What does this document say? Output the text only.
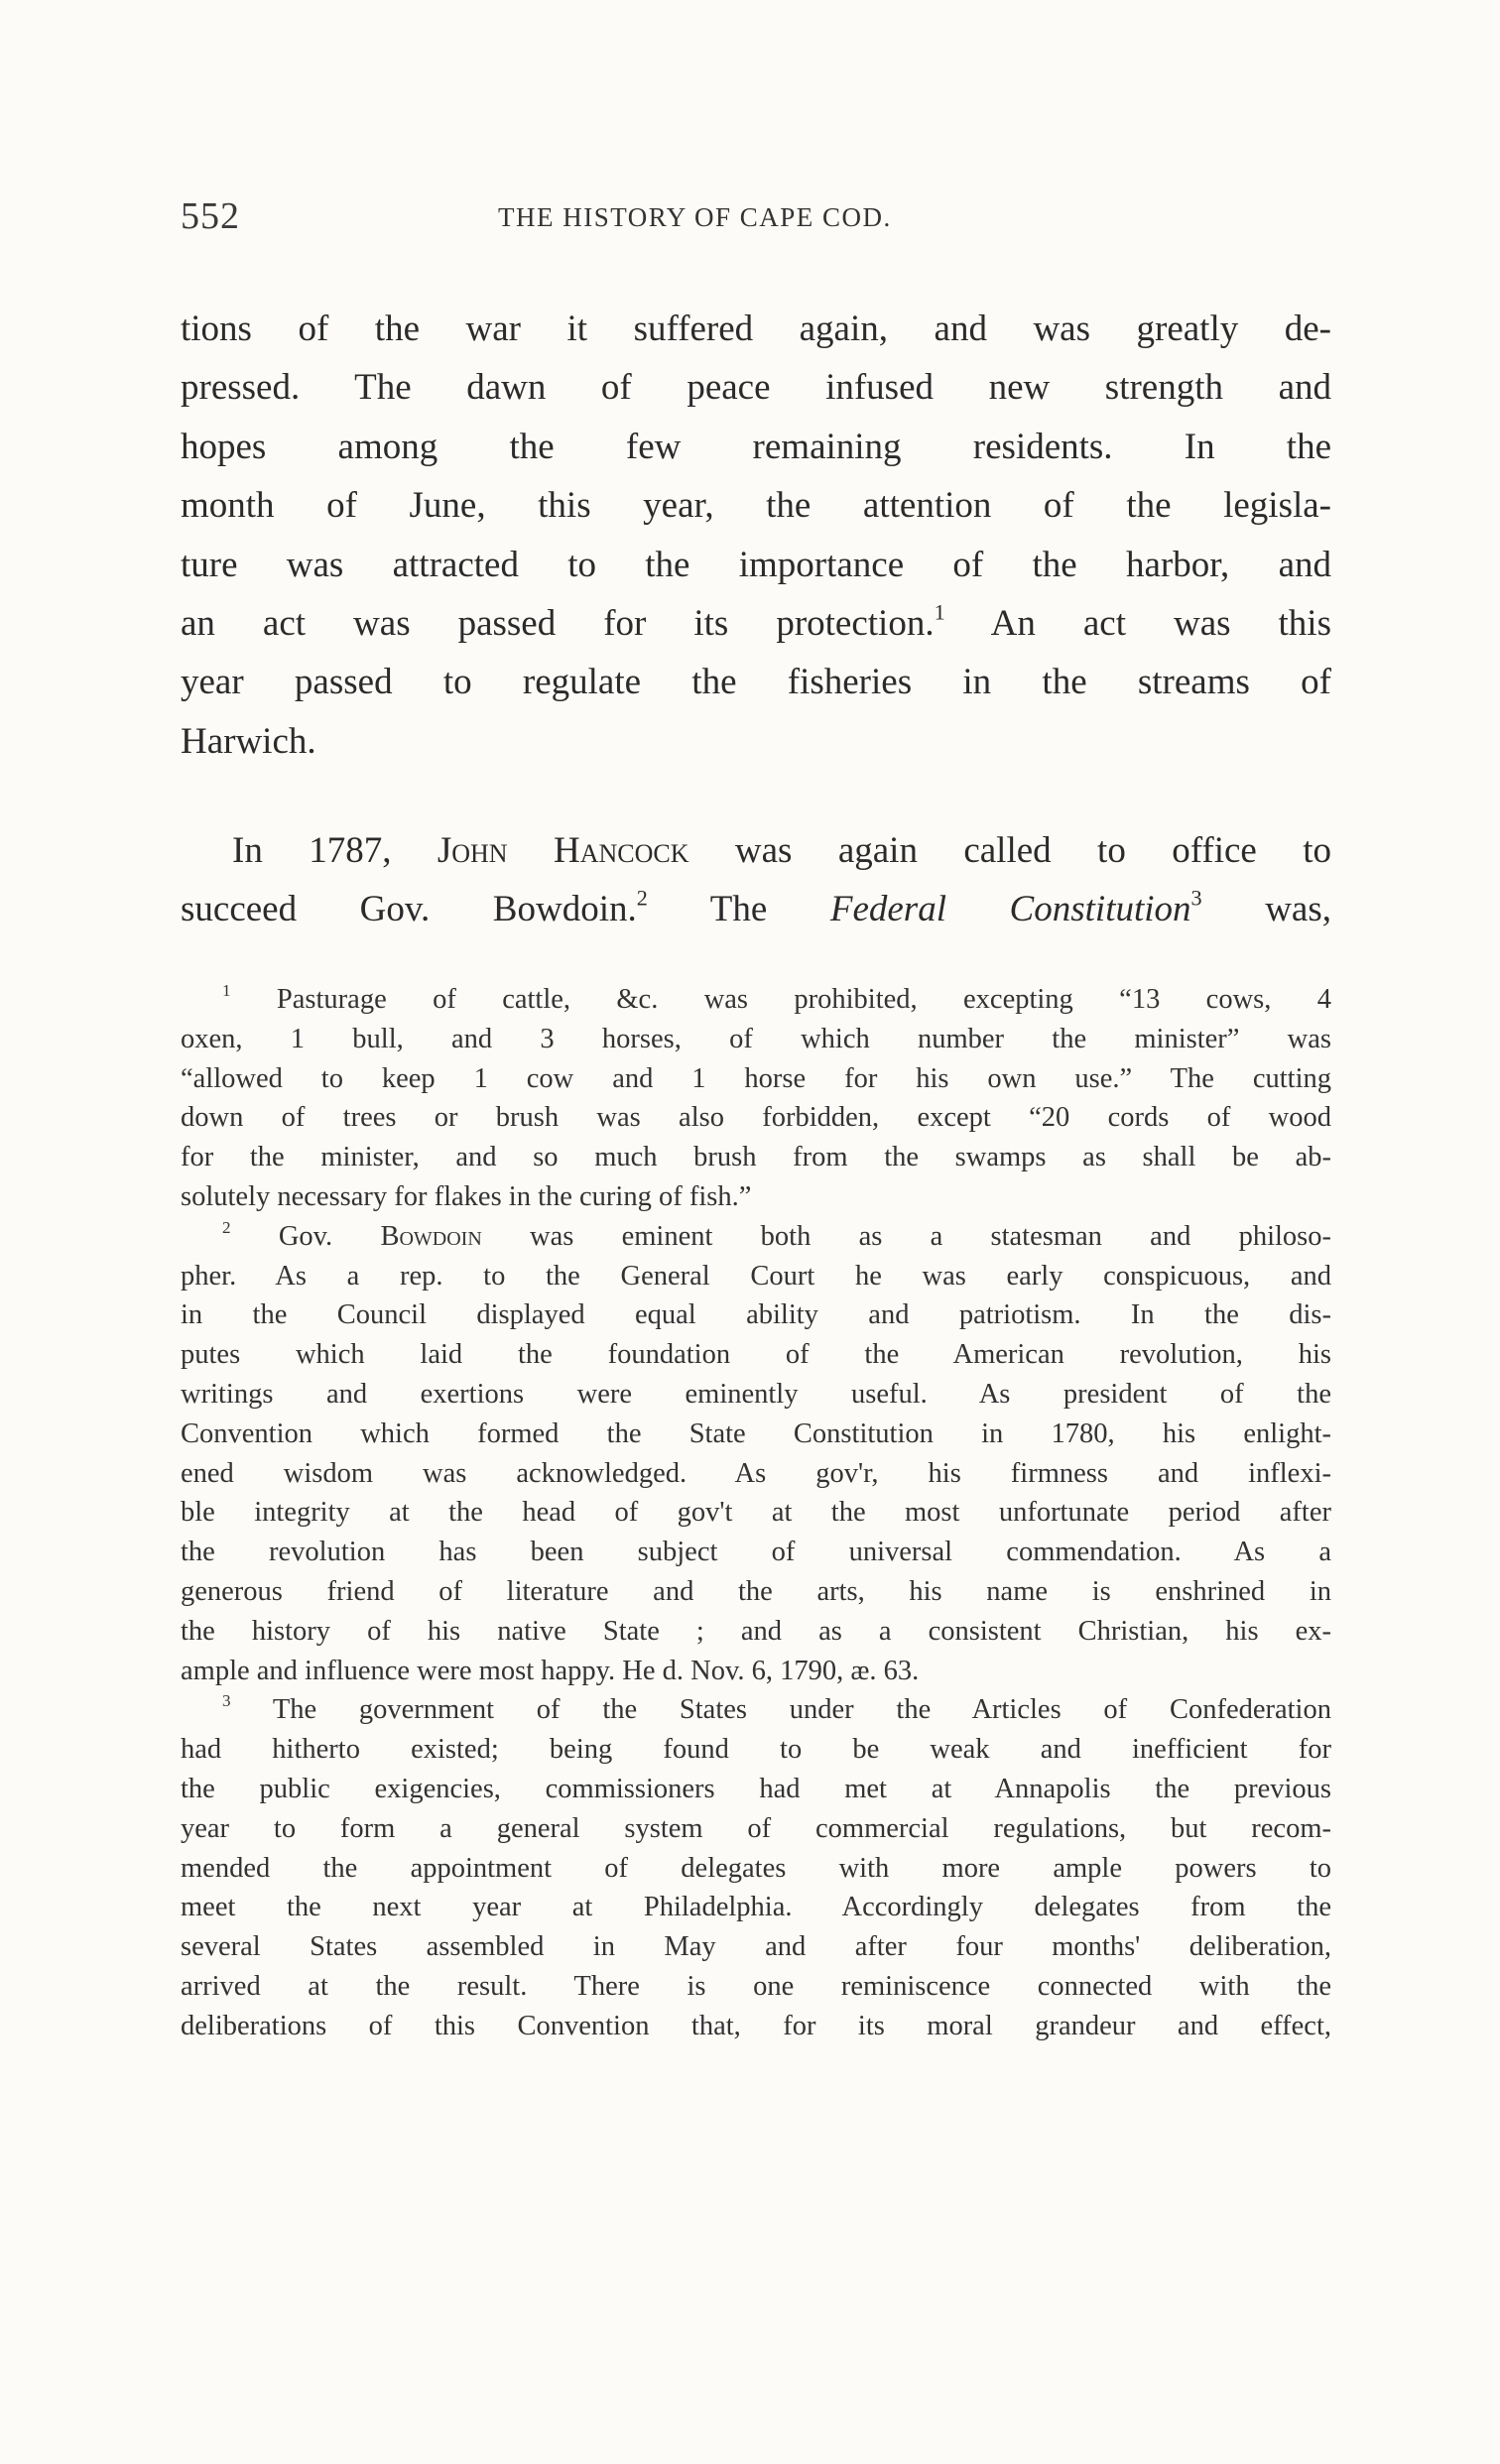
552	THE HISTORY OF CAPE COD.
tions of the war it suffered again, and was greatly de-
pressed. The dawn of peace infused new strength and
hopes among the few remaining residents. In the
month of June, this year, the attention of the legisla-
ture was attracted to the importance of the harbor, and
an act was passed for its protection.$^1$ An act was this
year passed to regulate the fisheries in the streams of
Harwich.
In 1787, John Hancock was again called to office to
succeed Gov. Bowdoin.$^2$ The Federal Constitution$^3$ was,
$^1$ Pasturage of cattle, &c. was prohibited, excepting “13 cows, 4
oxen, 1 bull, and 3 horses, of which number the minister” was
“allowed to keep 1 cow and 1 horse for his own use.” The cutting
down of trees or brush was also forbidden, except “20 cords of wood
for the minister, and so much brush from the swamps as shall be ab-
solutely necessary for flakes in the curing of fish.”
$^2$ Gov. Bowdoin was eminent both as a statesman and philoso-
pher. As a rep. to the General Court he was early conspicuous, and
in the Council displayed equal ability and patriotism. In the dis-
putes which laid the foundation of the American revolution, his
writings and exertions were eminently useful. As president of the
Convention which formed the State Constitution in 1780, his enlight-
ened wisdom was acknowledged. As gov'r, his firmness and inflexi-
ble integrity at the head of gov't at the most unfortunate period after
the revolution has been subject of universal commendation. As a
generous friend of literature and the arts, his name is enshrined in
the history of his native State ; and as a consistent Christian, his ex-
ample and influence were most happy. He d. Nov. 6, 1790, æ. 63.
$^3$ The government of the States under the Articles of Confederation
had hitherto existed; being found to be weak and inefficient for
the public exigencies, commissioners had met at Annapolis the previous
year to form a general system of commercial regulations, but recom-
mended the appointment of delegates with more ample powers to
meet the next year at Philadelphia. Accordingly delegates from the
several States assembled in May and after four months' deliberation,
arrived at the result. There is one reminiscence connected with the
deliberations of this Convention that, for its moral grandeur and effect,
